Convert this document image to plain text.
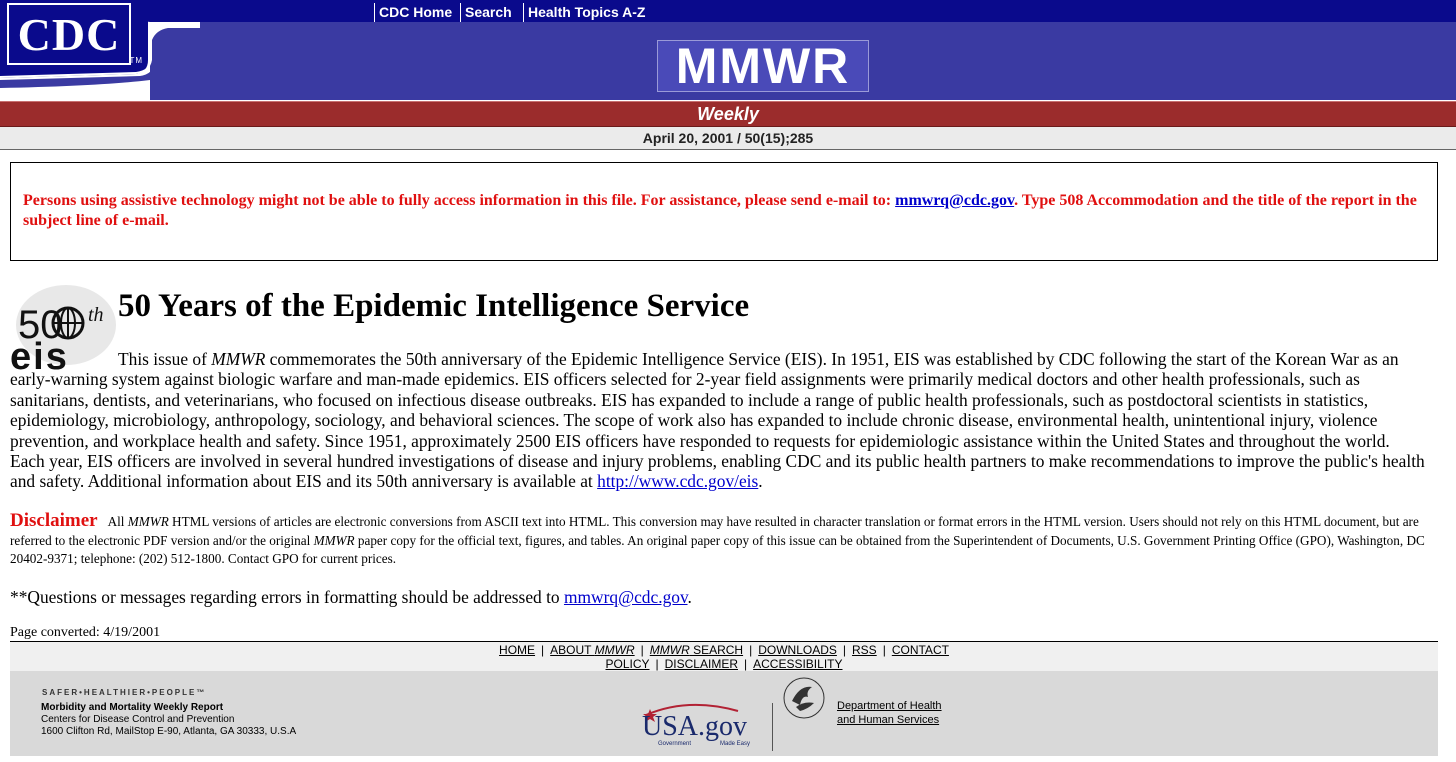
CDC
TM
CDC Home Search	Health Topics A-Z
MMWR
Weekly
April 20, 2001 / 50(15);285
Persons using assistive technology might not be able to fully access information in this file. For assistance, please send e-mail to: mmwrq@cdc.gov. Type 508 Accommodation and the title of the report in the subject line of e-mail.
50 th
eis
50 Years of the Epidemic Intelligence Service

This issue of MMWR commemorates the 50th anniversary of the Epidemic Intelligence Service (EIS). In 1951, EIS was established by CDC following the start of the Korean War as an early-warning system against biologic warfare and man-made epidemics. EIS officers selected for 2-year field assignments were primarily medical doctors and other health professionals, such as sanitarians, dentists, and veterinarians, who focused on infectious disease outbreaks. EIS has expanded to include a range of public health professionals, such as postdoctoral scientists in statistics, epidemiology, microbiology, anthropology, sociology, and behavioral sciences. The scope of work also has expanded to include chronic disease, environmental health, unintentional injury, violence prevention, and workplace health and safety. Since 1951, approximately 2500 EIS officers have responded to requests for epidemiologic assistance within the United States and throughout the world. Each year, EIS officers are involved in several hundred investigations of disease and injury problems, enabling CDC and its public health partners to make recommendations to improve the public's health and safety. Additional information about EIS and its 50th anniversary is available at http://www.cdc.gov/eis.

Disclaimer All MMWR HTML versions of articles are electronic conversions from ASCII text into HTML. This conversion may have resulted in character translation or format errors in the HTML version. Users should not rely on this HTML document, but are referred to the electronic PDF version and/or the original MMWR paper copy for the official text, figures, and tables. An original paper copy of this issue can be obtained from the Superintendent of Documents, U.S. Government Printing Office (GPO), Washington, DC 20402-9371; telephone: (202) 512-1800. Contact GPO for current prices.

**Questions or messages regarding errors in formatting should be addressed to mmwrq@cdc.gov.

Page converted: 4/19/2001

HOME | ABOUT MMWR | MMWR SEARCH | DOWNLOADS | RSS | CONTACT
POLICY | DISCLAIMER | ACCESSIBILITY
SAFER•HEALTHIER•PEOPLE™
Morbidity and Mortality Weekly Report
Centers for Disease Control and Prevention
1600 Clifton Rd, MailStop E-90, Atlanta, GA 30333, U.S.A	USA.gov
Government	Made Easy
Department of Health
and Human Services
